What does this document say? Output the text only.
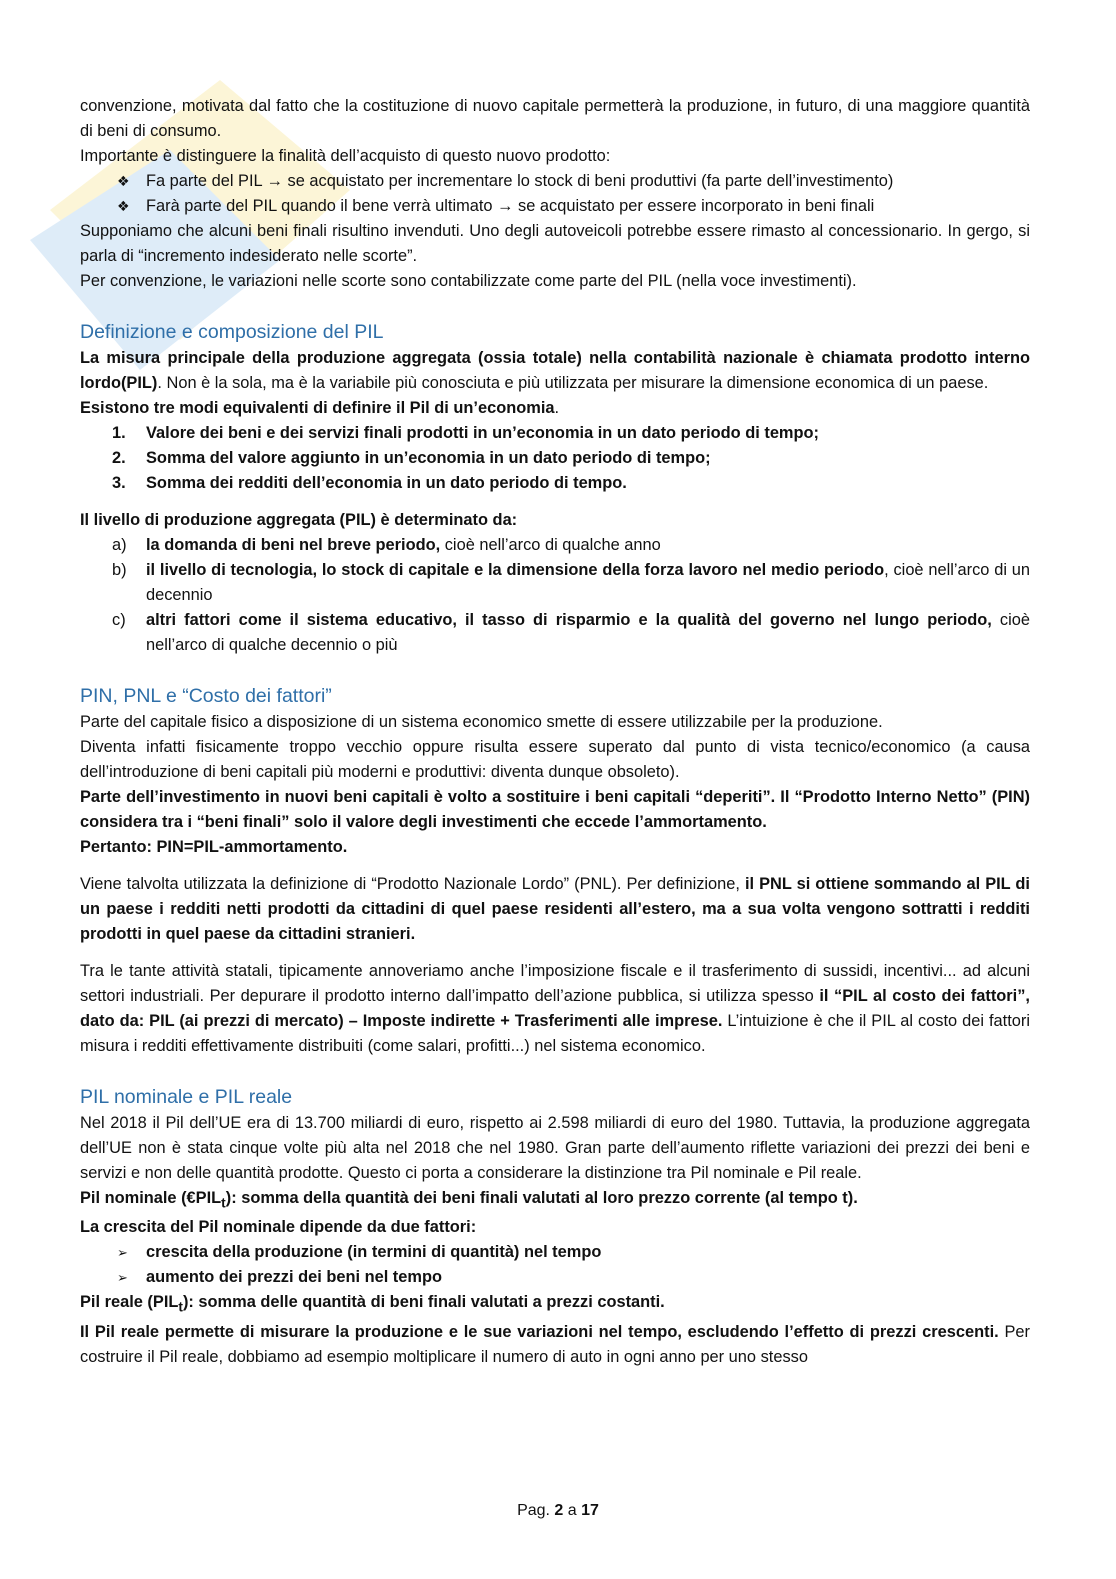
convenzione, motivata dal fatto che la costituzione di nuovo capitale permetterà la produzione, in futuro, di una maggiore quantità di beni di consumo.

Importante è distinguere la finalità dell’acquisto di questo nuovo prodotto:

❖ Fa parte del PIL → se acquistato per incrementare lo stock di beni produttivi (fa parte dell’investimento)
❖ Farà parte del PIL quando il bene verrà ultimato → se acquistato per essere incorporato in beni finali

Supponiamo che alcuni beni finali risultino invenduti. Uno degli autoveicoli potrebbe essere rimasto al concessionario. In gergo, si parla di “incremento indesiderato nelle scorte”.

Per convenzione, le variazioni nelle scorte sono contabilizzate come parte del PIL (nella voce investimenti).

Definizione e composizione del PIL

La misura principale della produzione aggregata (ossia totale) nella contabilità nazionale è chiamata prodotto interno lordo(PIL). Non è la sola, ma è la variabile più conosciuta e più utilizzata per misurare la dimensione economica di un paese.

Esistono tre modi equivalenti di definire il Pil di un’economia.

1. Valore dei beni e dei servizi finali prodotti in un’economia in un dato periodo di tempo;
2. Somma del valore aggiunto in un’economia in un dato periodo di tempo;
3. Somma dei redditi dell’economia in un dato periodo di tempo.

Il livello di produzione aggregata (PIL) è determinato da:

a) la domanda di beni nel breve periodo, cioè nell’arco di qualche anno
b) il livello di tecnologia, lo stock di capitale e la dimensione della forza lavoro nel medio periodo, cioè nell’arco di un decennio
c) altri fattori come il sistema educativo, il tasso di risparmio e la qualità del governo nel lungo periodo, cioè nell’arco di qualche decennio o più
PIN, PNL e “Costo dei fattori”

Parte del capitale fisico a disposizione di un sistema economico smette di essere utilizzabile per la produzione.

Diventa infatti fisicamente troppo vecchio oppure risulta essere superato dal punto di vista tecnico/economico (a causa dell’introduzione di beni capitali più moderni e produttivi: diventa dunque obsoleto).

Parte dell’investimento in nuovi beni capitali è volto a sostituire i beni capitali “deperiti”. Il “Prodotto Interno Netto” (PIN) considera tra i “beni finali” solo il valore degli investimenti che eccede l’ammortamento.

Pertanto: PIN=PIL-ammortamento.

Viene talvolta utilizzata la definizione di “Prodotto Nazionale Lordo” (PNL). Per definizione, il PNL si ottiene sommando al PIL di un paese i redditi netti prodotti da cittadini di quel paese residenti all’estero, ma a sua volta vengono sottratti i redditi prodotti in quel paese da cittadini stranieri.

Tra le tante attività statali, tipicamente annoveriamo anche l’imposizione fiscale e il trasferimento di sussidi, incentivi... ad alcuni settori industriali. Per depurare il prodotto interno dall’impatto dell’azione pubblica, si utilizza spesso il “PIL al costo dei fattori”, dato da: PIL (ai prezzi di mercato) – Imposte indirette + Trasferimenti alle imprese. L’intuizione è che il PIL al costo dei fattori misura i redditi effettivamente distribuiti (come salari, profitti...) nel sistema economico.

PIL nominale e PIL reale

Nel 2018 il Pil dell’UE era di 13.700 miliardi di euro, rispetto ai 2.598 miliardi di euro del 1980. Tuttavia, la produzione aggregata dell’UE non è stata cinque volte più alta nel 2018 che nel 1980. Gran parte dell’aumento riflette variazioni dei prezzi dei beni e servizi e non delle quantità prodotte. Questo ci porta a considerare la distinzione tra Pil nominale e Pil reale.

Pil nominale $(€PIL_t)$: somma della quantità dei beni finali valutati al loro prezzo corrente (al tempo t).

La crescita del Pil nominale dipende da due fattori:

➢ crescita della produzione (in termini di quantità) nel tempo
➢ aumento dei prezzi dei beni nel tempo

Pil reale $(PIL_t)$: somma delle quantità di beni finali valutati a prezzi costanti.

Il Pil reale permette di misurare la produzione e le sue variazioni nel tempo, escludendo l’effetto di prezzi crescenti. Per costruire il Pil reale, dobbiamo ad esempio moltiplicare il numero di auto in ogni anno per uno stesso

Pag. 2 a 17
